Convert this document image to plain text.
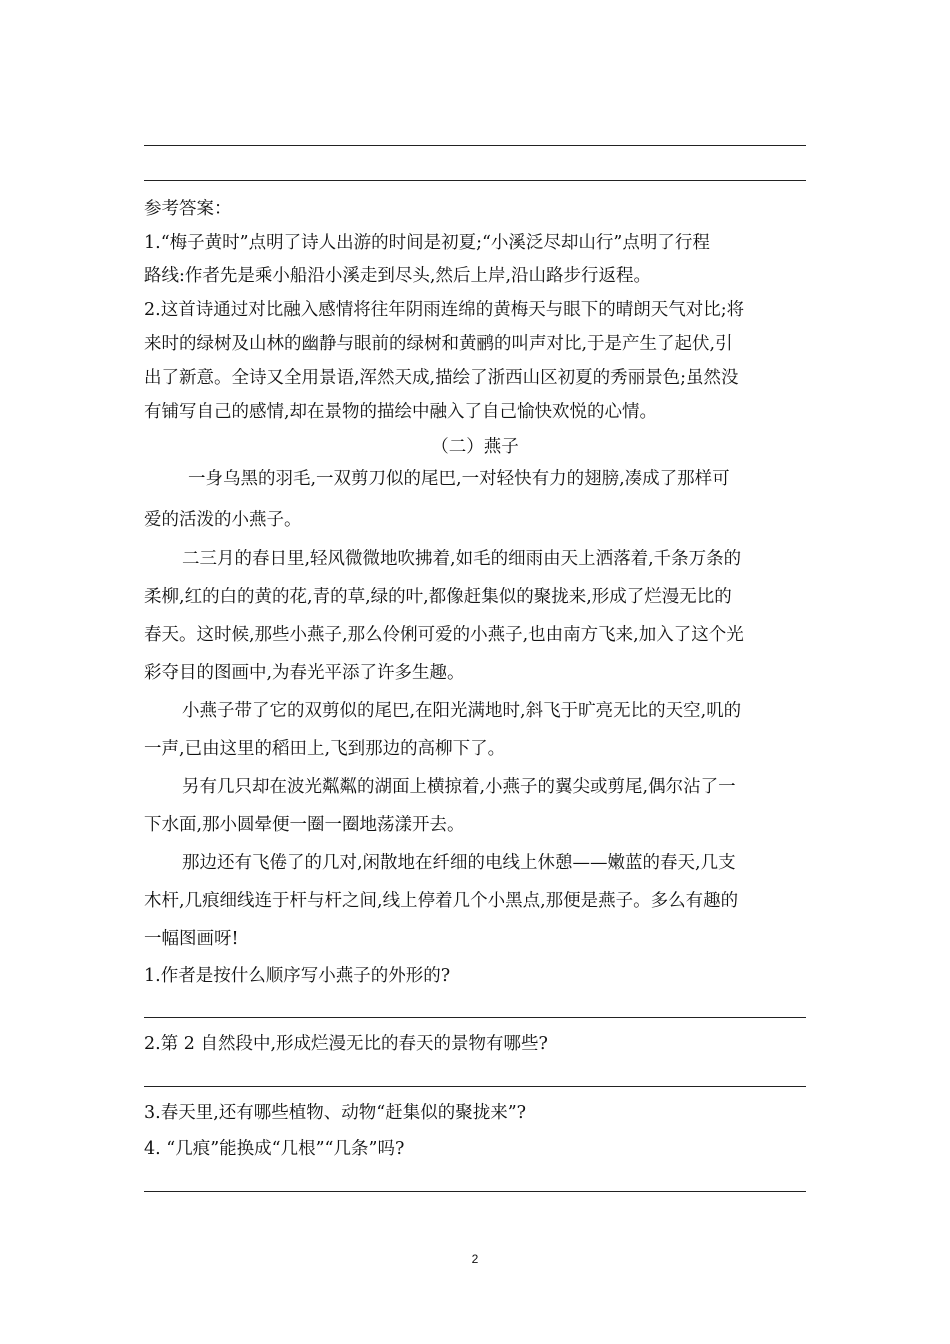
参考答案：
1.“梅子黄时”点明了诗人出游的时间是初夏;“小溪泛尽却山行”点明了行程
路线:作者先是乘小船沿小溪走到尽头,然后上岸,沿山路步行返程。
2.这首诗通过对比融入感情将往年阴雨连绵的黄梅天与眼下的晴朗天气对比;将
来时的绿树及山林的幽静与眼前的绿树和黄鹂的叫声对比,于是产生了起伏,引
出了新意。全诗又全用景语,浑然天成,描绘了浙西山区初夏的秀丽景色;虽然没
有铺写自己的感情,却在景物的描绘中融入了自己愉快欢悦的心情。
（二）燕子
一身乌黑的羽毛,一双剪刀似的尾巴,一对轻快有力的翅膀,凑成了那样可
爱的活泼的小燕子。
二三月的春日里,轻风微微地吹拂着,如毛的细雨由天上洒落着,千条万条的
柔柳,红的白的黄的花,青的草,绿的叶,都像赶集似的聚拢来,形成了烂漫无比的
春天。这时候,那些小燕子,那么伶俐可爱的小燕子,也由南方飞来,加入了这个光
彩夺目的图画中,为春光平添了许多生趣。
小燕子带了它的双剪似的尾巴,在阳光满地时,斜飞于旷亮无比的天空,叽的
一声,已由这里的稻田上,飞到那边的高柳下了。
另有几只却在波光粼粼的湖面上横掠着,小燕子的翼尖或剪尾,偶尔沾了一
下水面,那小圆晕便一圈一圈地荡漾开去。
那边还有飞倦了的几对,闲散地在纤细的电线上休憩——嫩蓝的春天,几支
木杆,几痕细线连于杆与杆之间,线上停着几个小黑点,那便是燕子。多么有趣的
一幅图画呀!
1.作者是按什么顺序写小燕子的外形的?
2.第 2 自然段中,形成烂漫无比的春天的景物有哪些?
3.春天里,还有哪些植物、动物“赶集似的聚拢来”?
4. “几痕”能换成“几根”“几条”吗?
2
